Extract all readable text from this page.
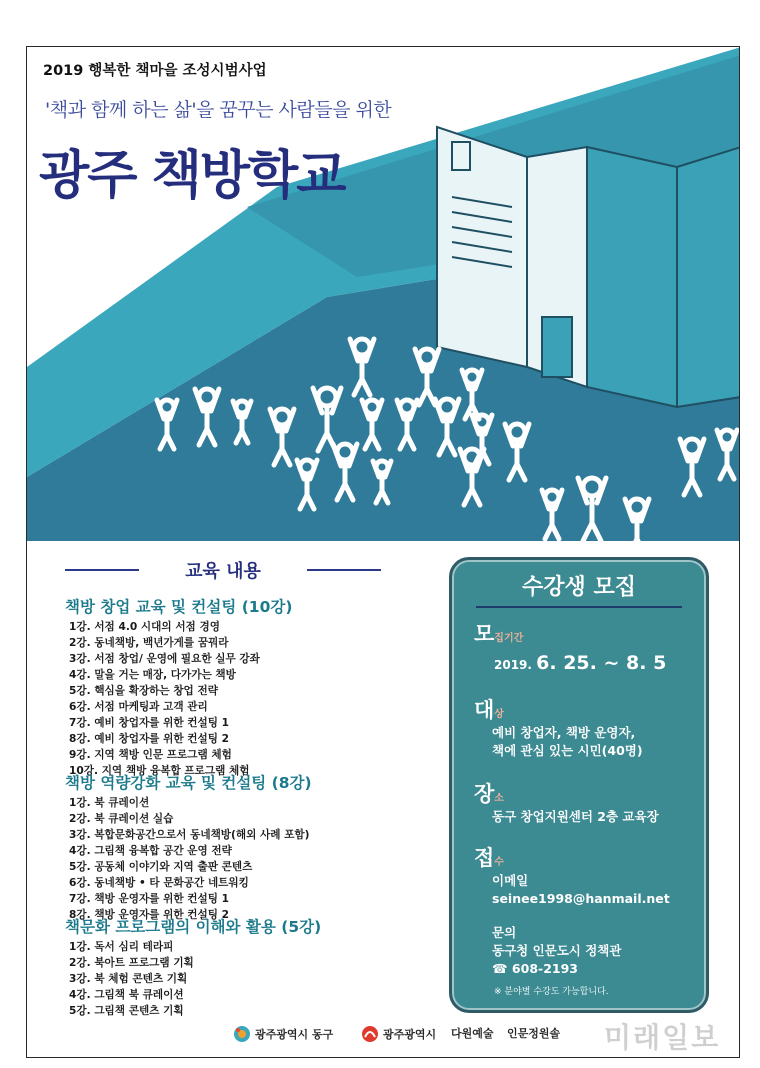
2019 행복한 책마을 조성시범사업
'책과 함께 하는 삶'을 꿈꾸는 사람들을 위한
광주 책방학교
교육 내용
책방 창업 교육 및 컨설팅 (10강)
1강. 서점 4.0 시대의 서점 경영
2강. 동네책방, 백년가게를 꿈꿔라
3강. 서점 창업/ 운영에 필요한 실무 강좌
4강. 말을 거는 매장, 다가가는 책방
5강. 핵심을 확장하는 창업 전략
6강. 서점 마케팅과 고객 관리
7강. 예비 창업자를 위한 컨설팅 1
8강. 예비 창업자를 위한 컨설팅 2
9강. 지역 책방 인문 프로그램 체험
10강. 지역 책방 융복합 프로그램 체험
책방 역량강화 교육 및 컨설팅 (8강)
1강. 북 큐레이션
2강. 북 큐레이션 실습
3강. 복합문화공간으로서 동네책방(해외 사례 포함)
4강. 그림책 융복합 공간 운영 전략
5강. 공동체 이야기와 지역 출판 콘텐츠
6강. 동네책방 • 타 문화공간 네트워킹
7강. 책방 운영자를 위한 컨설팅 1
8강. 책방 운영자를 위한 컨설팅 2
책문화 프로그램의 이해와 활용 (5강)
1강. 독서 심리 테라피
2강. 북아트 프로그램 기획
3강. 북 체험 콘텐츠 기획
4강. 그림책 북 큐레이션
5강. 그림책 콘텐츠 기획
수강생 모집
모집기간
2019. 6. 25. ~ 8. 5
대상
예비 창업자, 책방 운영자,
책에 관심 있는 시민(40명)
장소
동구 창업지원센터 2층 교육장
접수
이메일
seinee1998@hanmail.net
문의
동구청 인문도시 정책관
☎ 608-2193
※ 분야별 수강도 가능합니다.
광주광역시 동구	광주광역시 다원예술 인문정원솔 미래일보
